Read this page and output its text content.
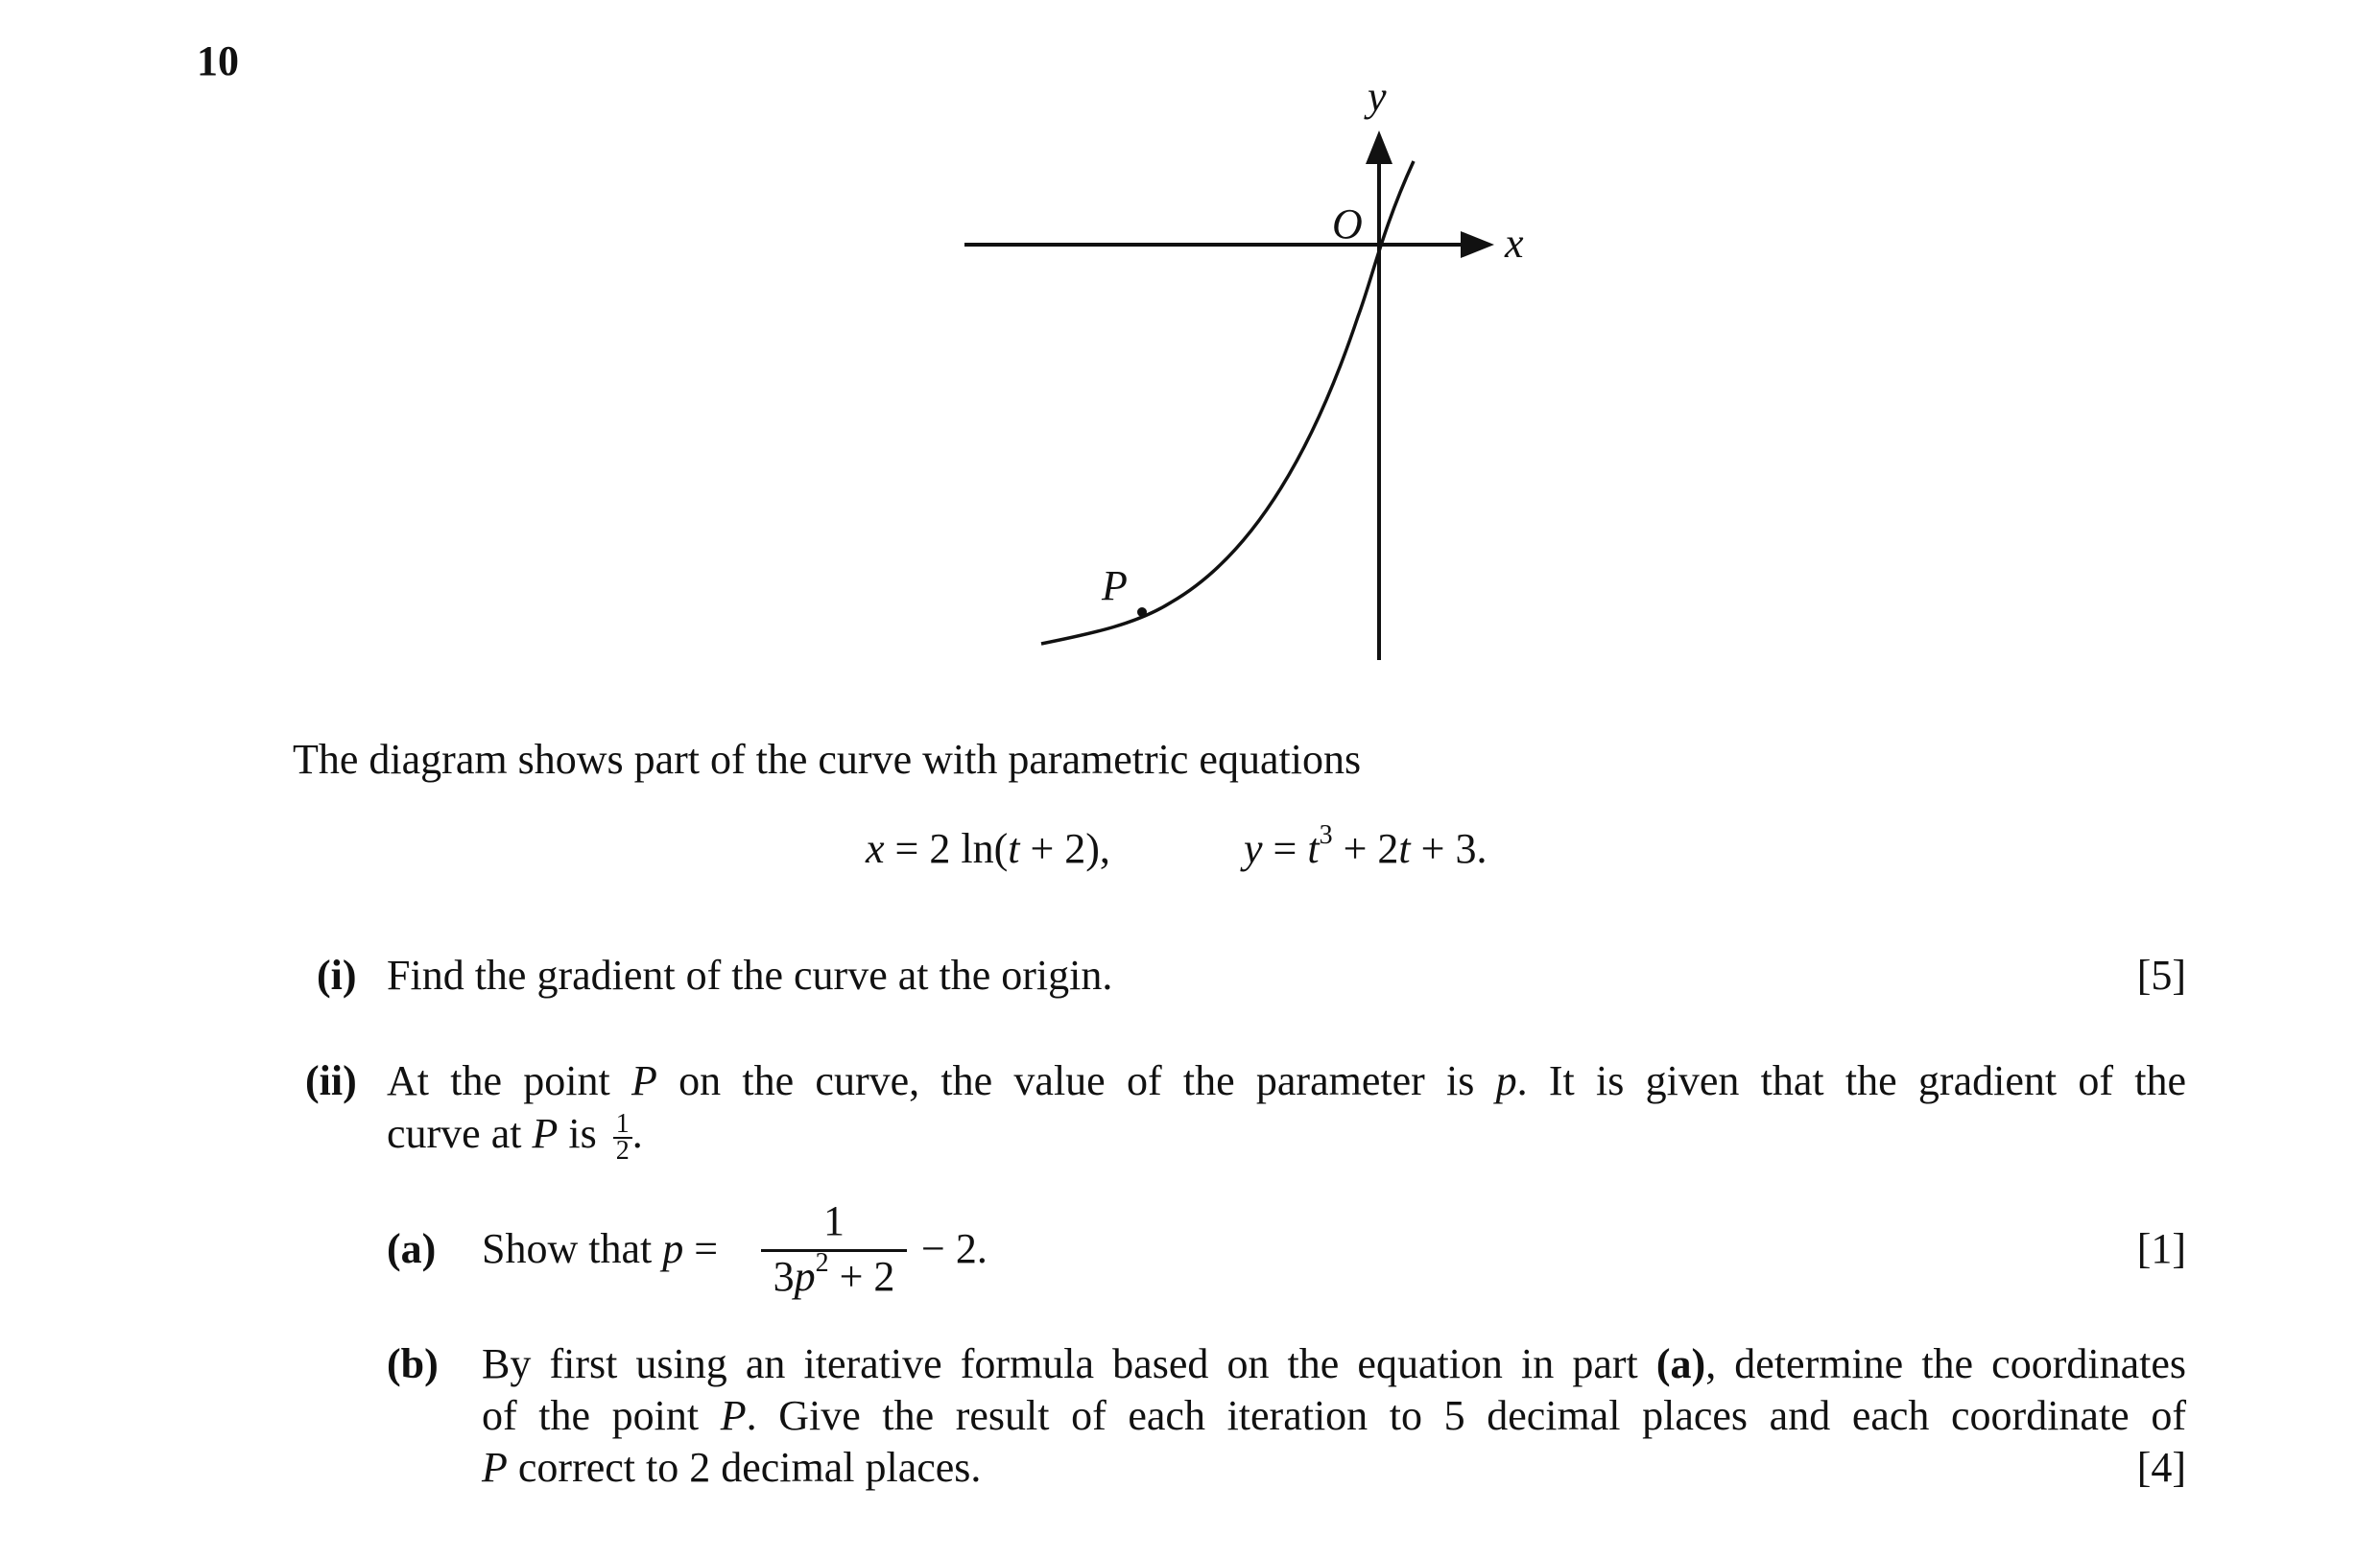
10
y
x
O
P
The diagram shows part of the curve with parametric equations
x = 2 ln(t + 2),	$y = t^3 + 2t + 3$.
(i) Find the gradient of the curve at the origin.	[5]
(ii) At the point P on the curve, the value of the parameter is p. It is given that the gradient of the
curve at P is $\frac{1}{2}$ .
(a) Show that p =
1
$3p^2 + 2$
− 2.	[1]
(b) By first using an iterative formula based on the equation in part (a), determine the coordinates
of the point P. Give the result of each iteration to 5 decimal places and each coordinate of
P correct to 2 decimal places.	[4]
